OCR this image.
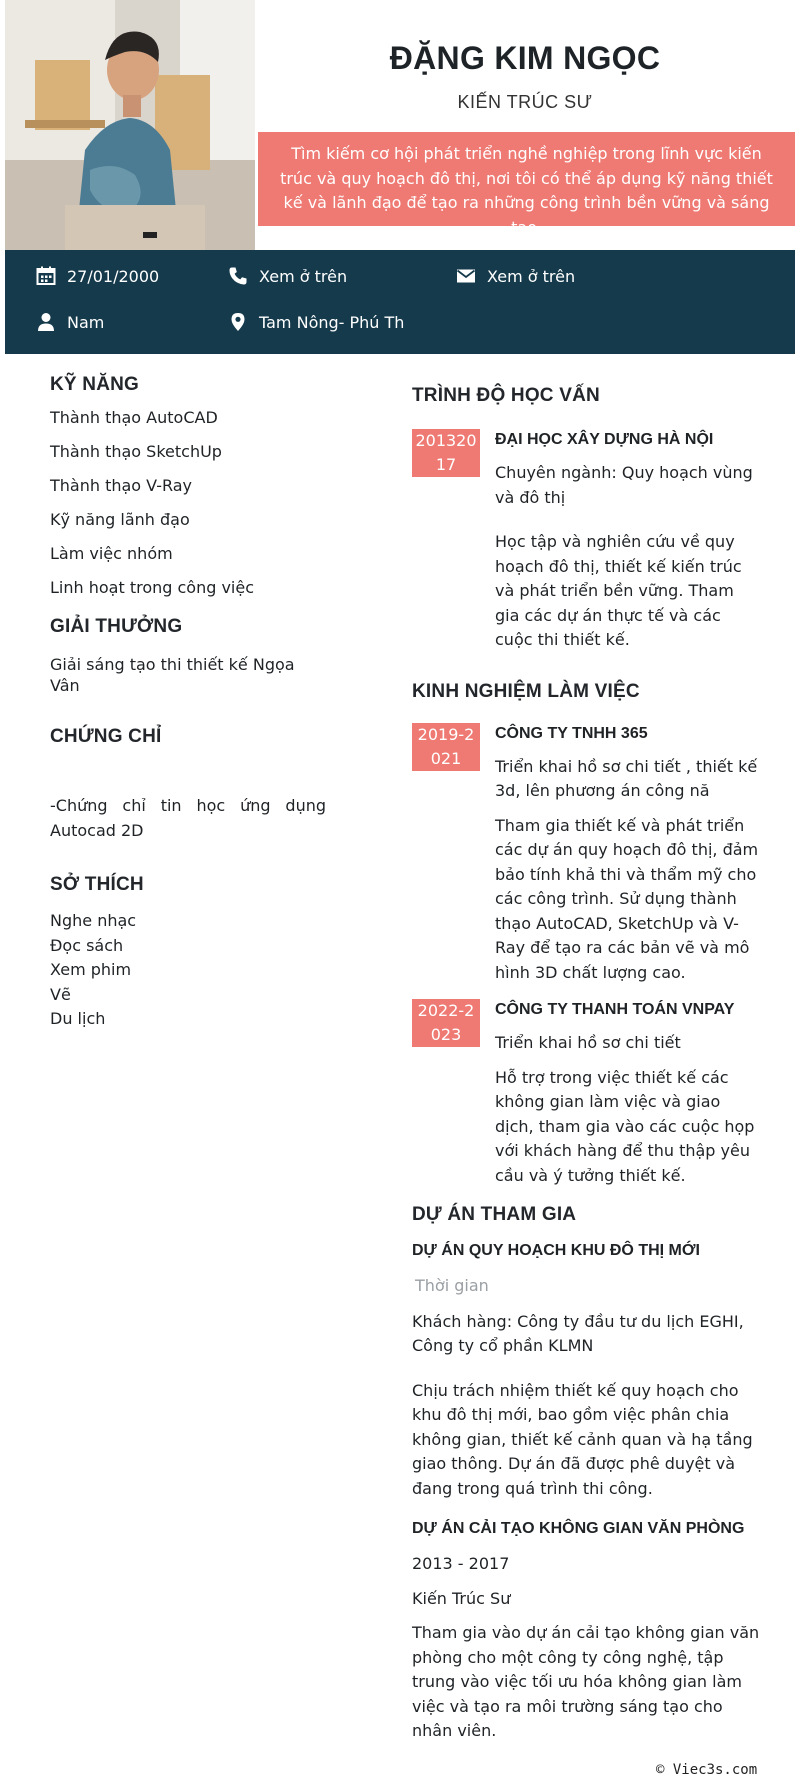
ĐẶNG KIM NGỌC
KIẾN TRÚC SƯ
Tìm kiếm cơ hội phát triển nghề nghiệp trong lĩnh vực kiến trúc và quy hoạch đô thị, nơi tôi có thể áp dụng kỹ năng thiết kế và lãnh đạo để tạo ra những công trình bền vững và sáng tạo.
27/01/2000	Xem ở trên	Xem ở trên
Nam	Tam Nông- Phú Th
KỸ NĂNG
Thành thạo AutoCAD
Thành thạo SketchUp
Thành thạo V-Ray
Kỹ năng lãnh đạo
Làm việc nhóm
Linh hoạt trong công việc
GIẢI THƯỞNG
Giải sáng tạo thi thiết kế Ngọa Vân
CHỨNG CHỈ
-Chứng chỉ tin học ứng dụng Autocad 2D
SỞ THÍCH
Nghe nhạc
Đọc sách
Xem phim
Vẽ
Du lịch
TRÌNH ĐỘ HỌC VẤN
20132017
ĐẠI HỌC XÂY DỰNG HÀ NỘI
Chuyên ngành: Quy hoạch vùng và đô thị
Học tập và nghiên cứu về quy hoạch đô thị, thiết kế kiến trúc và phát triển bền vững. Tham gia các dự án thực tế và các cuộc thi thiết kế.
KINH NGHIỆM LÀM VIỆC
2019-2021
CÔNG TY TNHH 365
Triển khai hồ sơ chi tiết , thiết kế 3d, lên phương án công nă
Tham gia thiết kế và phát triển các dự án quy hoạch đô thị, đảm bảo tính khả thi và thẩm mỹ cho các công trình. Sử dụng thành thạo AutoCAD, SketchUp và V-Ray để tạo ra các bản vẽ và mô hình 3D chất lượng cao.
2022-2023
CÔNG TY THANH TOÁN VNPAY
Triển khai hồ sơ chi tiết
Hỗ trợ trong việc thiết kế các không gian làm việc và giao dịch, tham gia vào các cuộc họp với khách hàng để thu thập yêu cầu và ý tưởng thiết kế.
DỰ ÁN THAM GIA
DỰ ÁN QUY HOẠCH KHU ĐÔ THỊ MỚI
Thời gian
Khách hàng: Công ty đầu tư du lịch EGHI, Công ty cổ phần KLMN
Chịu trách nhiệm thiết kế quy hoạch cho khu đô thị mới, bao gồm việc phân chia không gian, thiết kế cảnh quan và hạ tầng giao thông. Dự án đã được phê duyệt và đang trong quá trình thi công.
DỰ ÁN CẢI TẠO KHÔNG GIAN VĂN PHÒNG
2013 - 2017
Kiến Trúc Sư
Tham gia vào dự án cải tạo không gian văn phòng cho một công ty công nghệ, tập trung vào việc tối ưu hóa không gian làm việc và tạo ra môi trường sáng tạo cho nhân viên.
© Viec3s.com
